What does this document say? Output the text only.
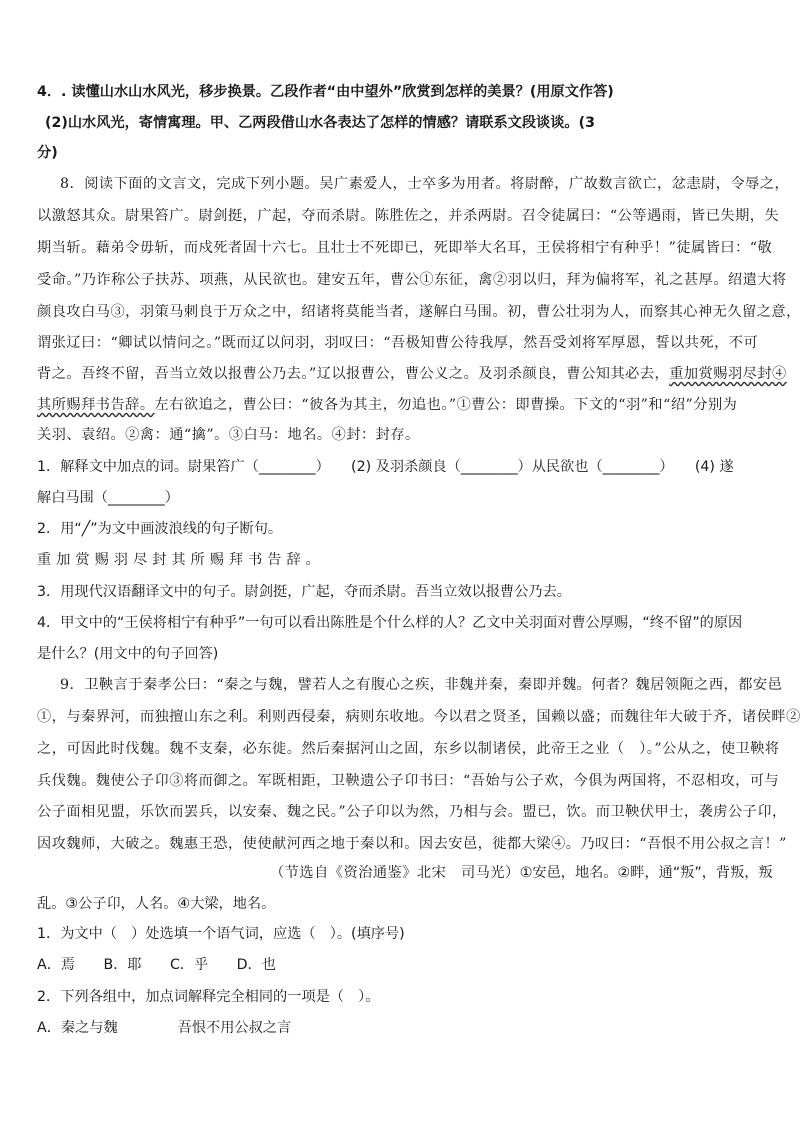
4．. 读懂山水山水风光，移步换景。乙段作者“由中望外”欣赏到怎样的美景？(用原文作答)
(2)山水风光，寄情寓理。甲、乙两段借山水各表达了怎样的情感？请联系文段谈谈。(3
分)
8．阅读下面的文言文，完成下列小题。吴广素爱人，士卒多为用者。将尉醉，广故数言欲亡，忿恚尉，令辱之，
以激怒其众。尉果笞广。尉剑挺，广起，夺而杀尉。陈胜佐之，并杀两尉。召令徒属曰：“公等遇雨，皆已失期，失
期当斩。藉弟令毋斩，而戍死者固十六七。且壮士不死即已，死即举大名耳，王侯将相宁有种乎！”徒属皆曰：“敬
受命。”乃诈称公子扶苏、项燕，从民欲也。建安五年，曹公①东征，禽②羽以归，拜为偏将军，礼之甚厚。绍遣大将
颜良攻白马③，羽策马刺良于万众之中，绍诸将莫能当者，遂解白马围。初，曹公壮羽为人，而察其心神无久留之意，
谓张辽曰：“卿试以情问之。”既而辽以问羽，羽叹曰：“吾极知曹公待我厚，然吾受刘将军厚恩，誓以共死，不可
背之。吾终不留，吾当立效以报曹公乃去。”辽以报曹公，曹公义之。及羽杀颜良，曹公知其必去，重加赏赐羽尽封④
其所赐拜书告辞。左右欲追之，曹公曰：“彼各为其主，勿追也。”①曹公：即曹操。下文的“羽”和“绍”分别为
关羽、袁绍。②禽：通“擒”。③白马：地名。④封：封存。
1．解释文中加点的词。尉果笞广（________）　　(2) 及羽杀颜良（________）从民欲也（________）　　(4) 遂
解白马围（________）
2．用“╱”为文中画波浪线的句子断句。
重加赏赐羽尽封其所赐拜书告辞。
3．用现代汉语翻译文中的句子。尉剑挺，广起，夺而杀尉。吾当立效以报曹公乃去。
4．甲文中的“王侯将相宁有种乎”一句可以看出陈胜是个什么样的人？乙文中关羽面对曹公厚赐，“终不留”的原因
是什么？(用文中的句子回答)
9．卫鞅言于秦孝公曰：“秦之与魏，譬若人之有腹心之疾，非魏并秦，秦即并魏。何者？魏居领阨之西，都安邑
①，与秦界河，而独擅山东之利。利则西侵秦，病则东收地。今以君之贤圣，国赖以盛；而魏往年大破于齐，诸侯畔②
之，可因此时伐魏。魏不支秦，必东徙。然后秦据河山之固，东乡以制诸侯，此帝王之业（　）。”公从之，使卫鞅将
兵伐魏。魏使公子卬③将而御之。军既相距，卫鞅遗公子卬书曰：“吾始与公子欢，今俱为两国将，不忍相攻，可与
公子面相见盟，乐饮而罢兵，以安秦、魏之民。”公子卬以为然，乃相与会。盟已，饮。而卫鞅伏甲士，袭虏公子卬，
因攻魏师，大破之。魏惠王恐，使使献河西之地于秦以和。因去安邑，徙都大梁④。乃叹曰：“吾恨不用公叔之言！”
（节选自《资治通鉴》北宋　司马光）①安邑，地名。②畔，通“叛”，背叛，叛
乱。③公子卬，人名。④大梁，地名。
1．为文中（　）处选填一个语气词，应选（　）。(填序号)
A．焉　　B．耶　　C．乎　　D．也
2．下列各组中，加点词解释完全相同的一项是（　）。
A．秦之与魏	吾恨不用公叔之言
